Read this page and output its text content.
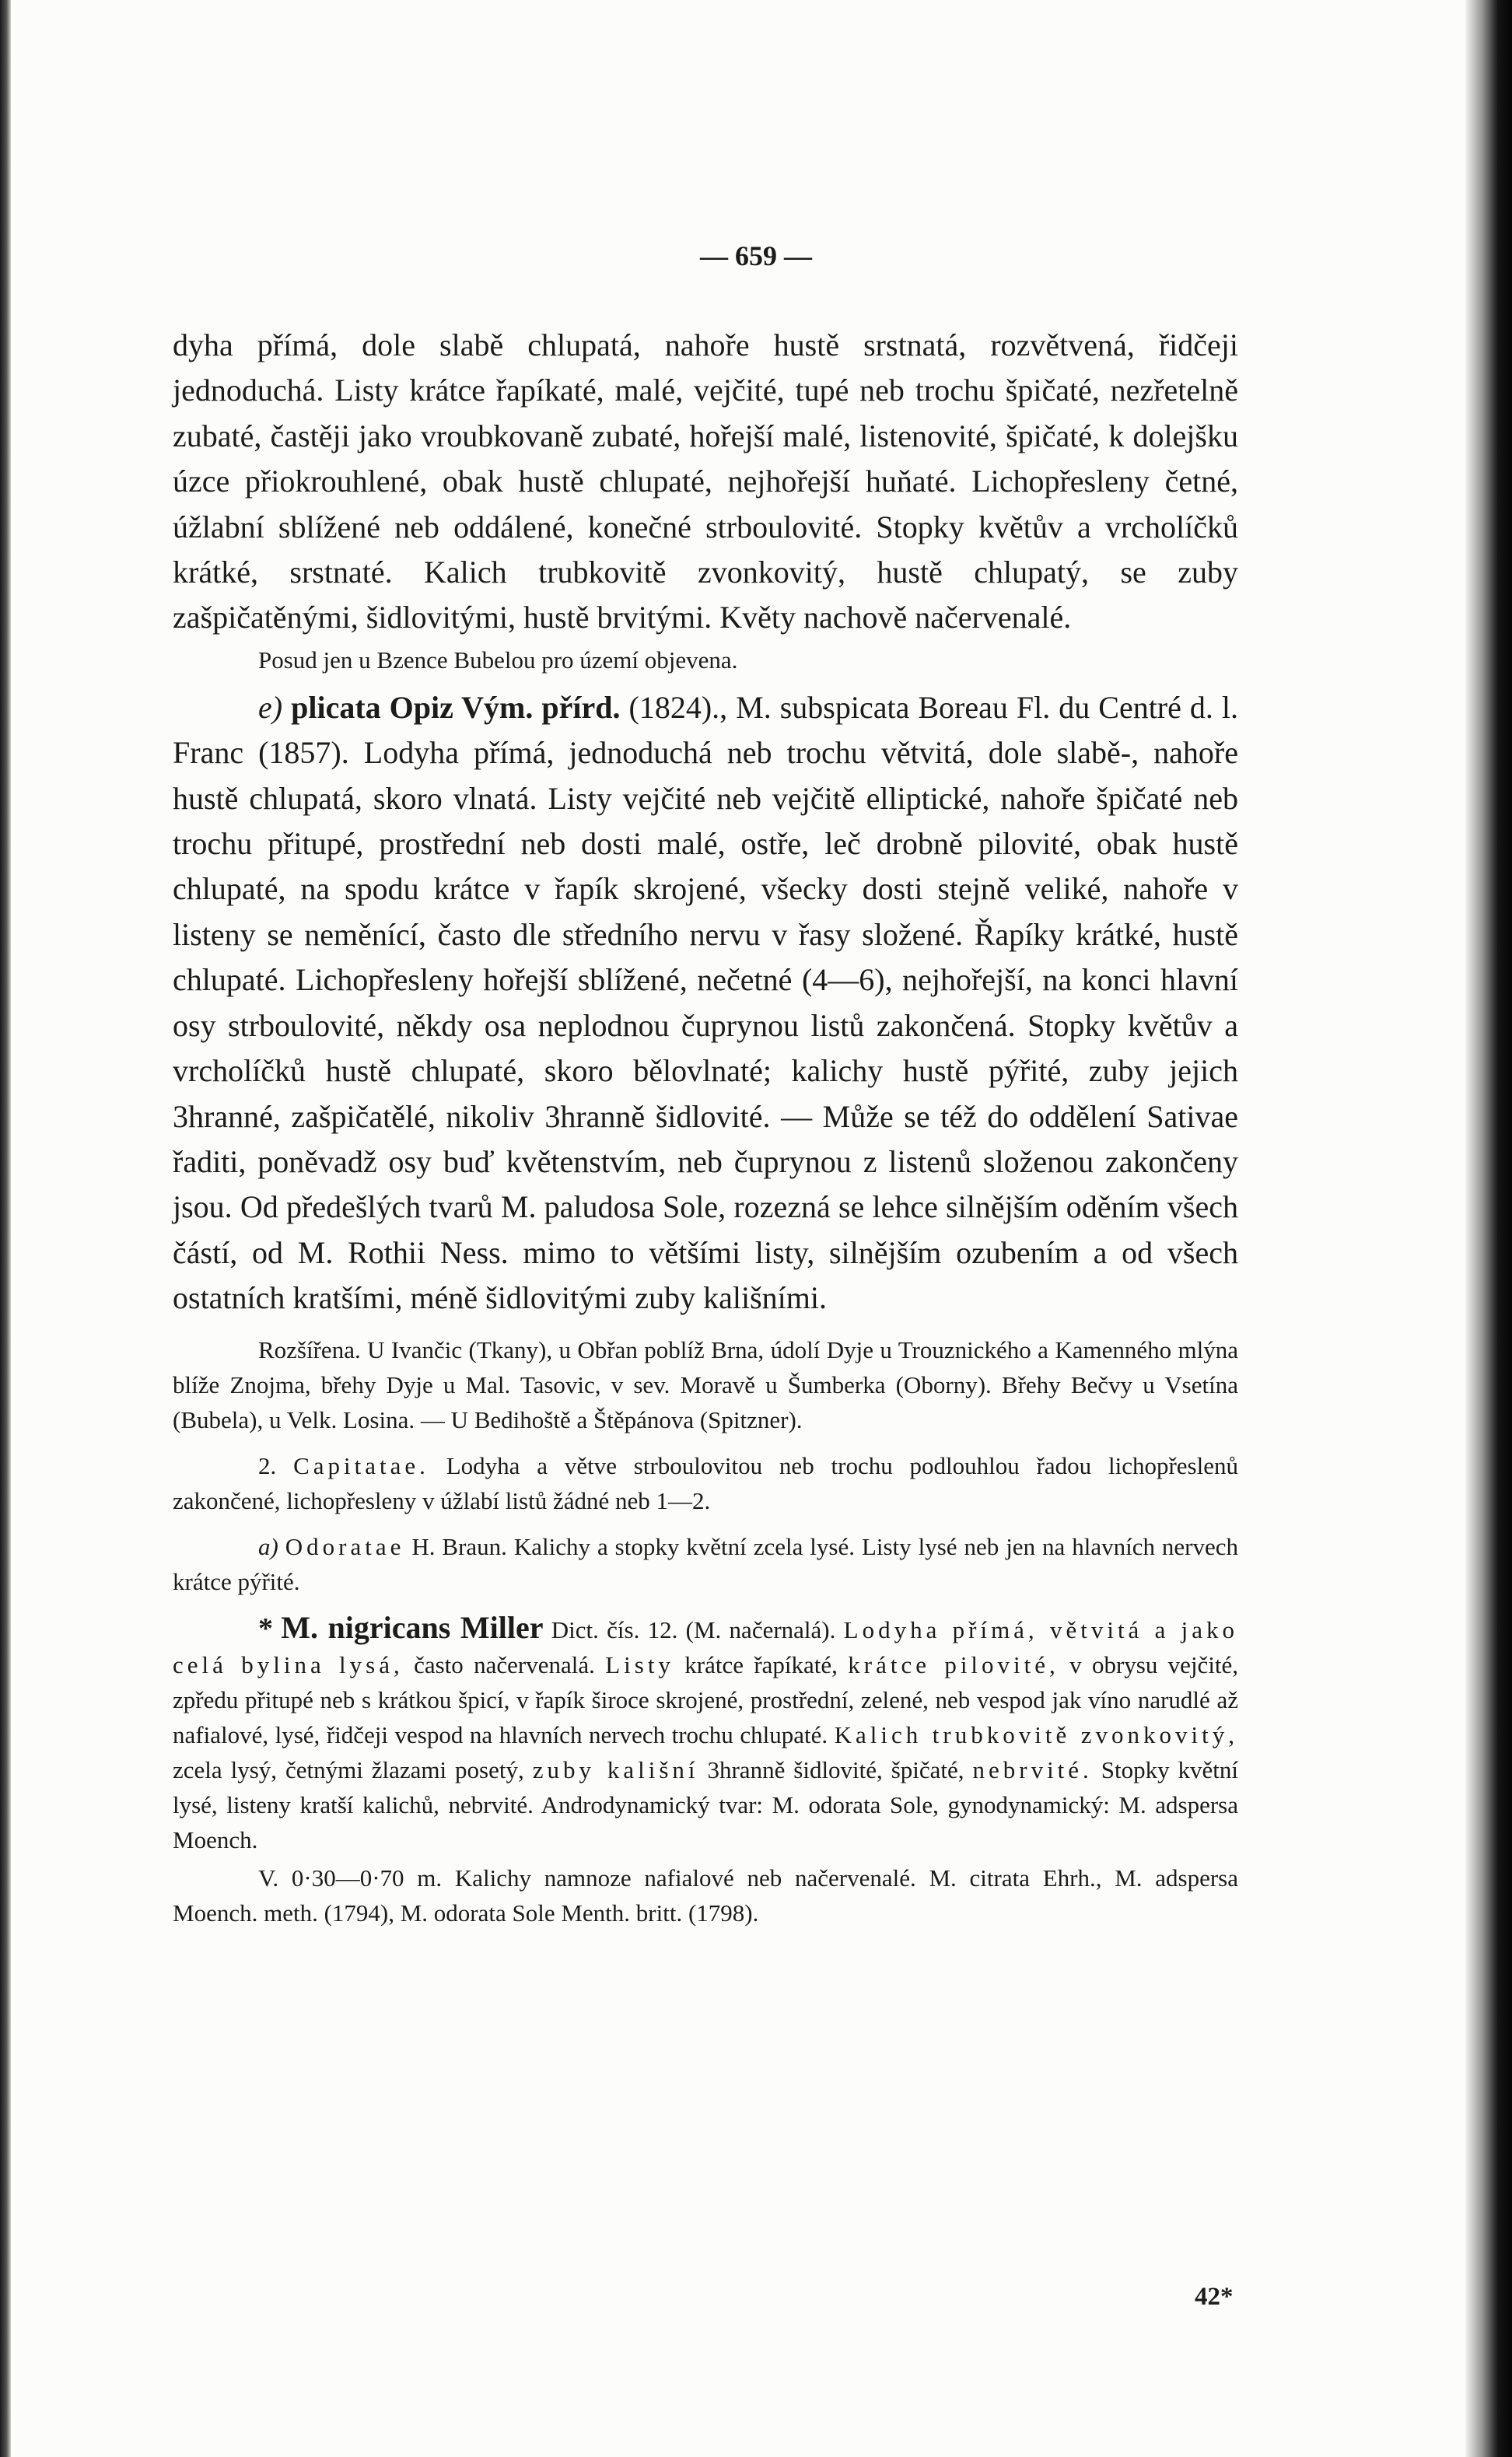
— 659 —

dyha přímá, dole slabě chlupatá, nahoře hustě srstnatá, rozvětvená, řidčeji jednoduchá. Listy krátce řapíkaté, malé, vejčité, tupé neb trochu špičaté, nezřetelně zubaté, častěji jako vroubkovaně zubaté, hořejší malé, listenovité, špičaté, k dolejšku úzce přiokrouhlené, obak hustě chlupaté, nejhořejší huňaté. Lichopřesleny četné, úžlabní sblížené neb oddálené, konečné strboulovité. Stopky květův a vrcholíčků krátké, srstnaté. Kalich trubkovitě zvonkovitý, hustě chlupatý, se zuby zašpičatěnými, šidlovitými, hustě brvitými. Květy nachově načervenalé.

Posud jen u Bzence Bubelou pro území objevena.

e) plicata Opiz Vým. přírd. (1824)., M. subspicata Boreau Fl. du Centré d. l. Franc (1857). Lodyha přímá, jednoduchá neb trochu větvitá, dole slabě-, nahoře hustě chlupatá, skoro vlnatá. Listy vejčité neb vejčitě elliptické, nahoře špičaté neb trochu přitupé, prostřední neb dosti malé, ostře, leč drobně pilovité, obak hustě chlupaté, na spodu krátce v řapík skrojené, všecky dosti stejně veliké, nahoře v listeny se neměnící, často dle středního nervu v řasy složené. Řapíky krátké, hustě chlupaté. Lichopřesleny hořejší sblížené, nečetné (4—6), nejhořejší, na konci hlavní osy strboulovité, někdy osa neplodnou čuprynou listů zakončená. Stopky květův a vrcholíčků hustě chlupaté, skoro bělovlnaté; kalichy hustě pýřité, zuby jejich 3hranné, zašpičatělé, nikoliv 3hranně šidlovité. — Může se též do oddělení Sativae řaditi, poněvadž osy buď květenstvím, neb čuprynou z listenů složenou zakončeny jsou. Od předešlých tvarů M. paludosa Sole, rozezná se lehce silnějším oděním všech částí, od M. Rothii Ness. mimo to většími listy, silnějším ozubením a od všech ostatních kratšími, méně šidlovitými zuby kališními.

Rozšířena. U Ivančic (Tkany), u Obřan poblíž Brna, údolí Dyje u Trouznického a Kamenného mlýna blíže Znojma, břehy Dyje u Mal. Tasovic, v sev. Moravě u Šumberka (Oborny). Břehy Bečvy u Vsetína (Bubela), u Velk. Losina. — U Bedihoště a Štěpánova (Spitzner).

2. Capitatae. Lodyha a větve strboulovitou neb trochu podlouhlou řadou lichopřeslenů zakončené, lichopřesleny v úžlabí listů žádné neb 1—2.

a) Odoratae H. Braun. Kalichy a stopky květní zcela lysé. Listy lysé neb jen na hlavních nervech krátce pýřité.

* M. nigricans Miller Dict. čís. 12. (M. načernalá). Lodyha přímá, větvitá a jako celá bylina lysá, často načervenalá. Listy krátce řapíkaté, krátce pilovité, v obrysu vejčité, zpředu přitupé neb s krátkou špicí, v řapík široce skrojené, prostřední, zelené, neb vespod jak víno narudlé až nafialové, lysé, řidčeji vespod na hlavních nervech trochu chlupaté. Kalich trubkovitě zvonkovitý, zcela lysý, četnými žlazami posetý, zuby kališní 3hranně šidlovité, špičaté, nebrvité. Stopky květní lysé, listeny kratší kalichů, nebrvité. Androdynamický tvar: M. odorata Sole, gynodynamický: M. adspersa Moench.

V. 0·30—0·70 m. Kalichy namnoze nafialové neb načervenalé. M. citrata Ehrh., M. adspersa Moench. meth. (1794), M. odorata Sole Menth. britt. (1798).

42*
